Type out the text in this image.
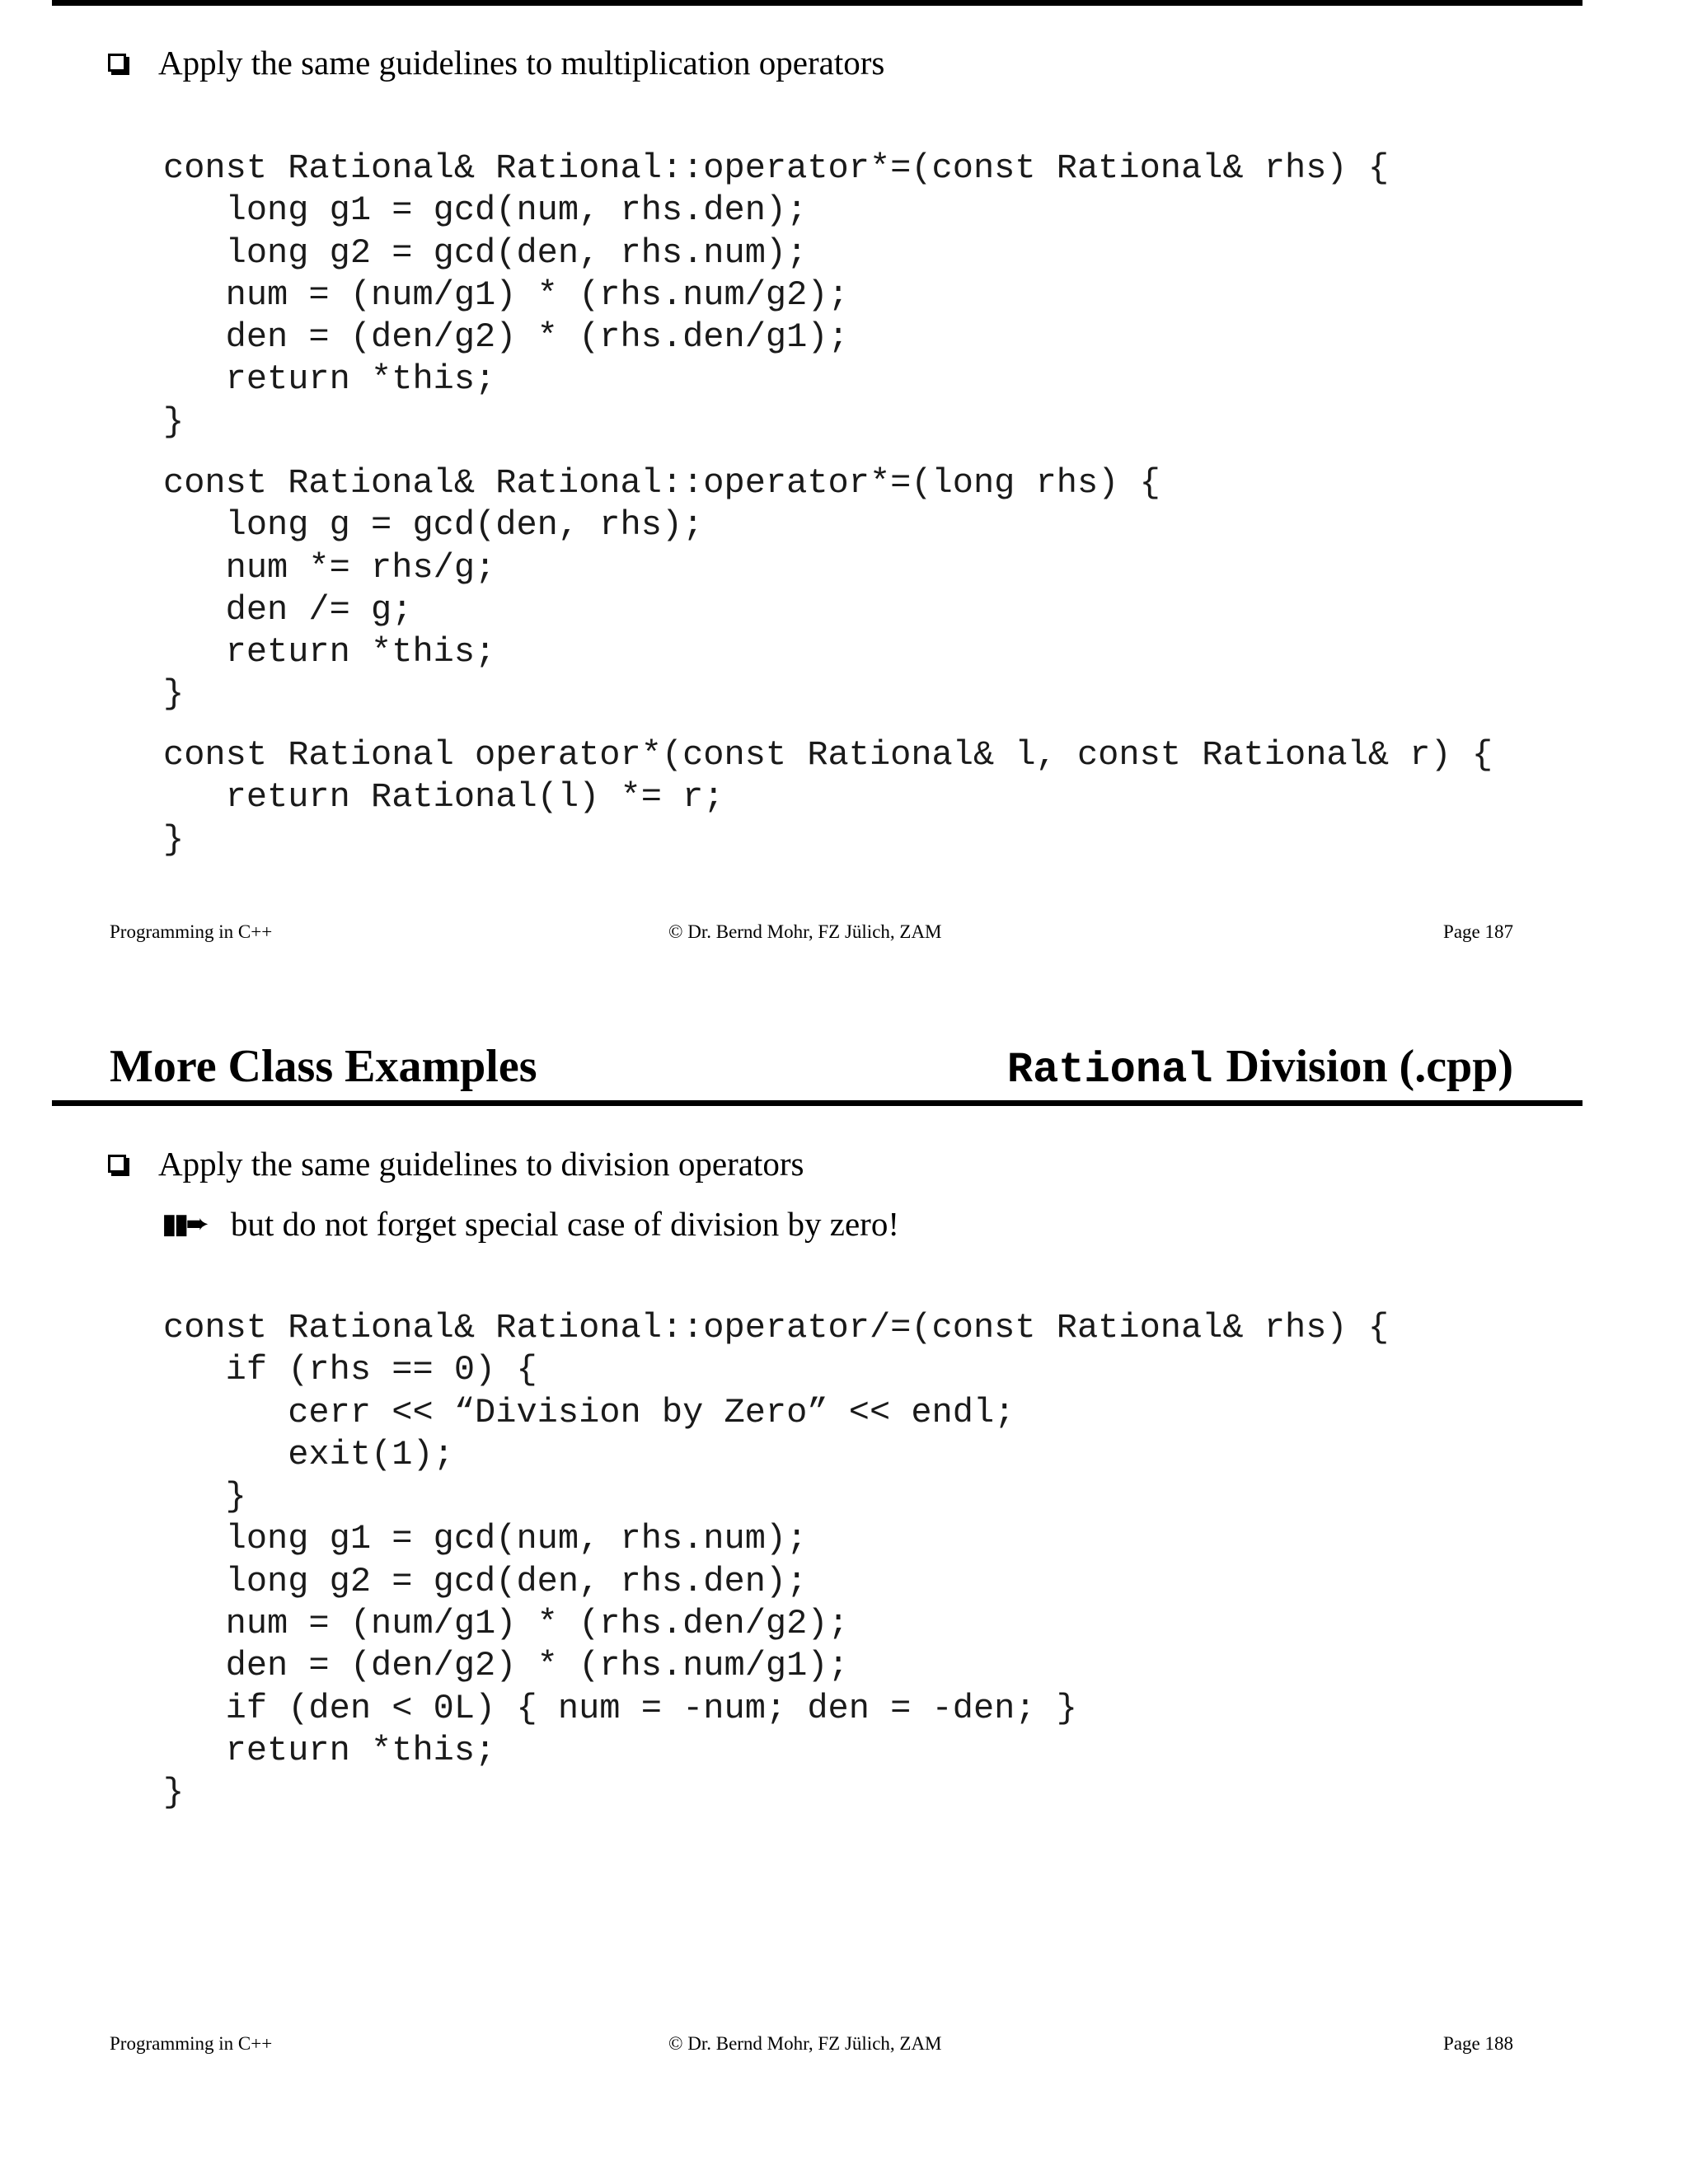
Apply the same guidelines to multiplication operators
const Rational& Rational::operator*=(const Rational& rhs) {
long g1 = gcd(num, rhs.den);
long g2 = gcd(den, rhs.num);
num = (num/g1) * (rhs.num/g2);
den = (den/g2) * (rhs.den/g1);
return *this;
}
const Rational& Rational::operator*=(long rhs) {
long g = gcd(den, rhs);
num *= rhs/g;
den /= g;
return *this;
}
const Rational operator*(const Rational& l, const Rational& r) {
return Rational(l) *= r;
}
Programming in C++	© Dr. Bernd Mohr, FZ Jülich, ZAM	Page 187
More Class Examples	Rational Division (.cpp)
Apply the same guidelines to division operators
▮▮➨ but do not forget special case of division by zero!
const Rational& Rational::operator/=(const Rational& rhs) {
if (rhs == 0) {
cerr << “Division by Zero” << endl;
exit(1);
}
long g1 = gcd(num, rhs.num);
long g2 = gcd(den, rhs.den);
num = (num/g1) * (rhs.den/g2);
den = (den/g2) * (rhs.num/g1);
if (den < 0L) { num = -num; den = -den; }
return *this;
}
Programming in C++	© Dr. Bernd Mohr, FZ Jülich, ZAM	Page 188
